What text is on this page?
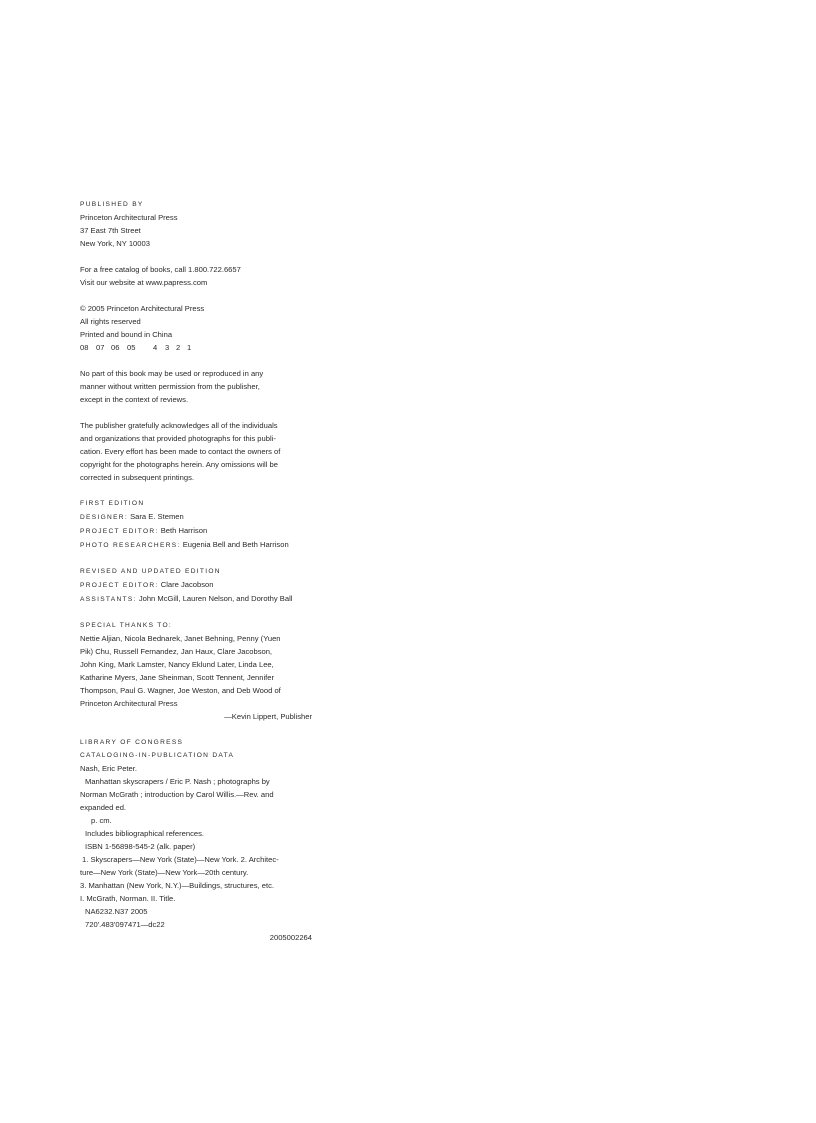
PUBLISHED BY
Princeton Architectural Press
37 East 7th Street
New York, NY 10003
For a free catalog of books, call 1.800.722.6657
Visit our website at www.papress.com
© 2005 Princeton Architectural Press
All rights reserved
Printed and bound in China
08 07 06 05 4 3 2 1
No part of this book may be used or reproduced in any
manner without written permission from the publisher,
except in the context of reviews.
The publisher gratefully acknowledges all of the individuals
and organizations that provided photographs for this publi-
cation. Every effort has been made to contact the owners of
copyright for the photographs herein. Any omissions will be
corrected in subsequent printings.
FIRST EDITION
DESIGNER: Sara E. Stemen
PROJECT EDITOR: Beth Harrison
PHOTO RESEARCHERS: Eugenia Bell and Beth Harrison
REVISED AND UPDATED EDITION
PROJECT EDITOR: Clare Jacobson
ASSISTANTS: John McGill, Lauren Nelson, and Dorothy Ball
SPECIAL THANKS TO:
Nettie Aljian, Nicola Bednarek, Janet Behning, Penny (Yuen
Pik) Chu, Russell Fernandez, Jan Haux, Clare Jacobson,
John King, Mark Lamster, Nancy Eklund Later, Linda Lee,
Katharine Myers, Jane Sheinman, Scott Tennent, Jennifer
Thompson, Paul G. Wagner, Joe Weston, and Deb Wood of
Princeton Architectural Press
—Kevin Lippert, Publisher
LIBRARY OF CONGRESS
CATALOGING-IN-PUBLICATION DATA
Nash, Eric Peter.
Manhattan skyscrapers / Eric P. Nash ; photographs by
Norman McGrath ; introduction by Carol Willis.—Rev. and
expanded ed.
p. cm.
Includes bibliographical references.
ISBN 1-56898-545-2 (alk. paper)
1. Skyscrapers—New York (State)—New York. 2. Architec-
ture—New York (State)—New York—20th century.
3. Manhattan (New York, N.Y.)—Buildings, structures, etc.
I. McGrath, Norman. II. Title.
NA6232.N37 2005
720'.483'097471—dc22
2005002264
